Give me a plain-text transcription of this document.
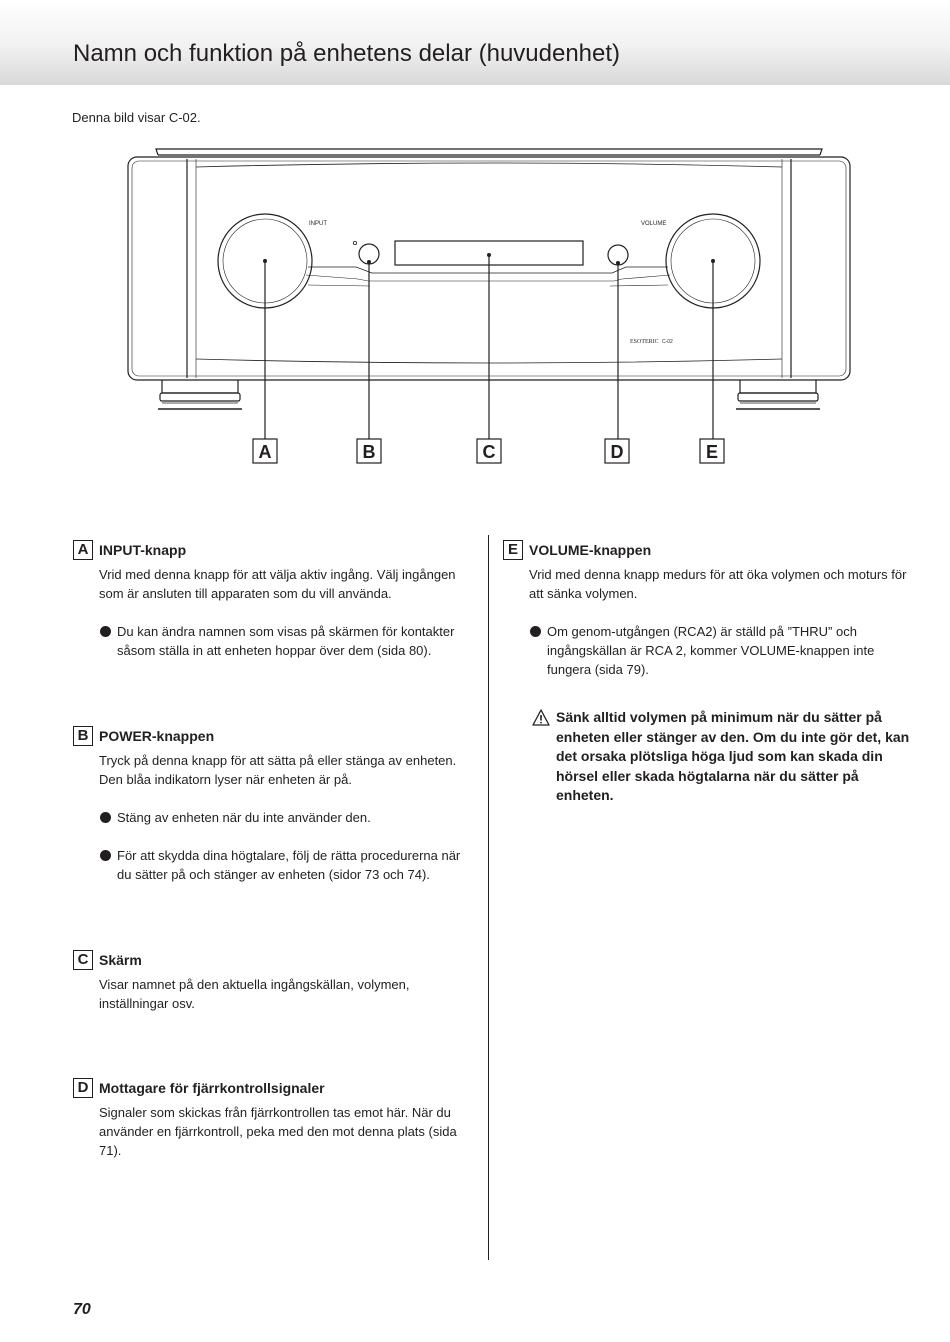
Namn och funktion på enhetens delar (huvudenhet)
Denna bild visar C-02.
INPUT	VOLUME
ESOTERIC C-02
A	B	C	D	E
A INPUT-knapp
Vrid med denna knapp för att välja aktiv ingång. Välj ingången som är ansluten till apparaten som du vill använda.
Du kan ändra namnen som visas på skärmen för kontakter såsom ställa in att enheten hoppar över dem (sida 80).
B POWER-knappen
Tryck på denna knapp för att sätta på eller stänga av enheten. Den blåa indikatorn lyser när enheten är på.
Stäng av enheten när du inte använder den.
För att skydda dina högtalare, följ de rätta procedurerna när du sätter på och stänger av enheten (sidor 73 och 74).
C Skärm
Visar namnet på den aktuella ingångskällan, volymen, inställningar osv.
D Mottagare för fjärrkontrollsignaler
Signaler som skickas från fjärrkontrollen tas emot här. När du använder en fjärrkontroll, peka med den mot denna plats (sida 71).
E VOLUME-knappen
Vrid med denna knapp medurs för att öka volymen och moturs för att sänka volymen.
Om genom-utgången (RCA2) är ställd på ”THRU” och ingångskällan är RCA 2, kommer VOLUME-knappen inte fungera (sida 79).
Sänk alltid volymen på minimum när du sätter på enheten eller stänger av den. Om du inte gör det, kan det orsaka plötsliga höga ljud som kan skada din hörsel eller skada högtalarna när du sätter på enheten.
70
